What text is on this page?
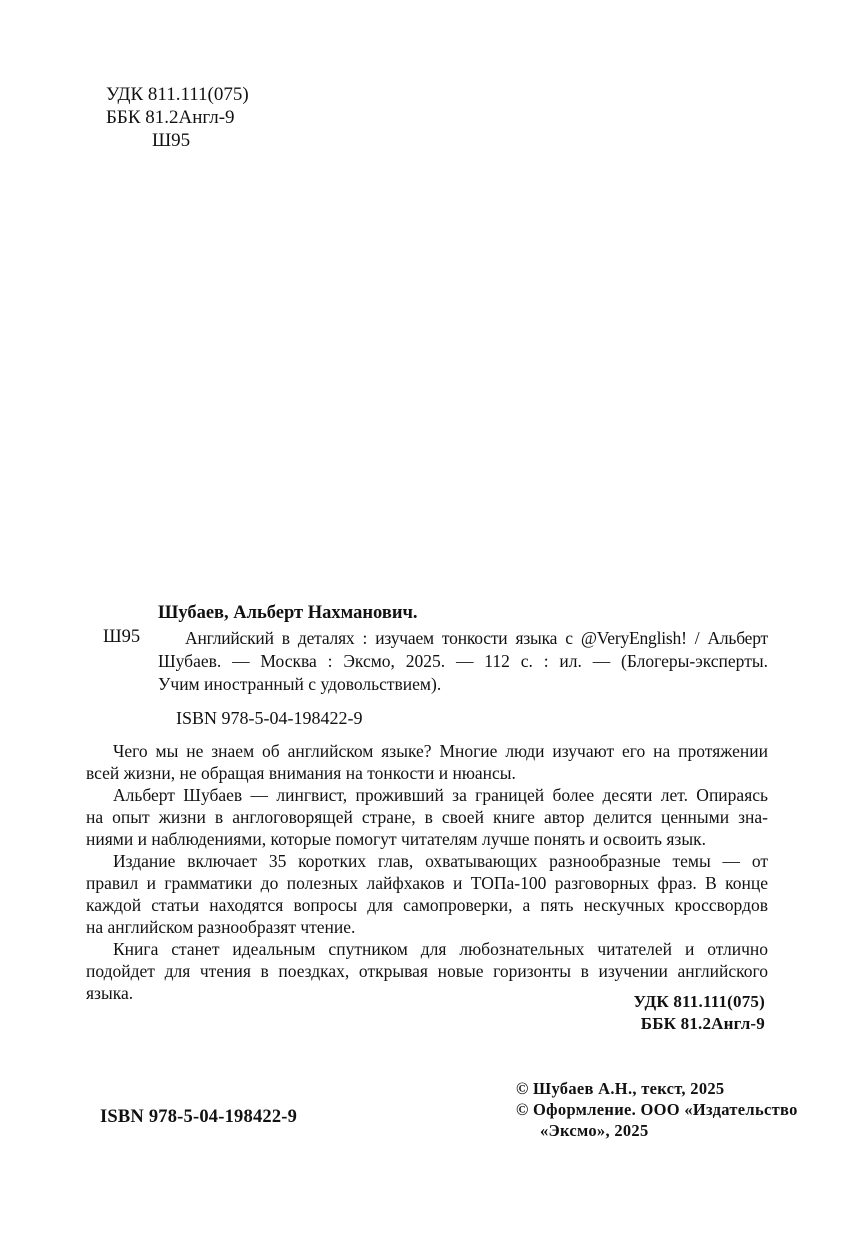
УДК 811.111(075)
ББК 81.2Англ-9
Ш95
Шубаев, Альберт Нахманович.
Ш95	Английский в деталях : изучаем тонкости языка с @VeryEnglish! / Альберт
Шубаев. — Москва : Эксмо, 2025. — 112 с. : ил. — (Блогеры-эксперты.
Учим иностранный с удовольствием).
ISBN 978-5-04-198422-9
Чего мы не знаем об английском языке? Многие люди изучают его на протяжении
всей жизни, не обращая внимания на тонкости и нюансы.
Альберт Шубаев — лингвист, проживший за границей более десяти лет. Опираясь
на опыт жизни в англоговорящей стране, в своей книге автор делится ценными зна-
ниями и наблюдениями, которые помогут читателям лучше понять и освоить язык.
Издание включает 35 коротких глав, охватывающих разнообразные темы — от
правил и грамматики до полезных лайфхаков и ТОПа-100 разговорных фраз. В конце
каждой статьи находятся вопросы для самопроверки, а пять нескучных кроссвордов
на английском разнообразят чтение.
Книга станет идеальным спутником для любознательных читателей и отлично
подойдет для чтения в поездках, открывая новые горизонты в изучении английского
языка.	УДК 811.111(075)
ББК 81.2Англ-9
© Шубаев А.Н., текст, 2025
© Оформление. ООО «Издательство
«Эксмо», 2025
ISBN 978-5-04-198422-9
